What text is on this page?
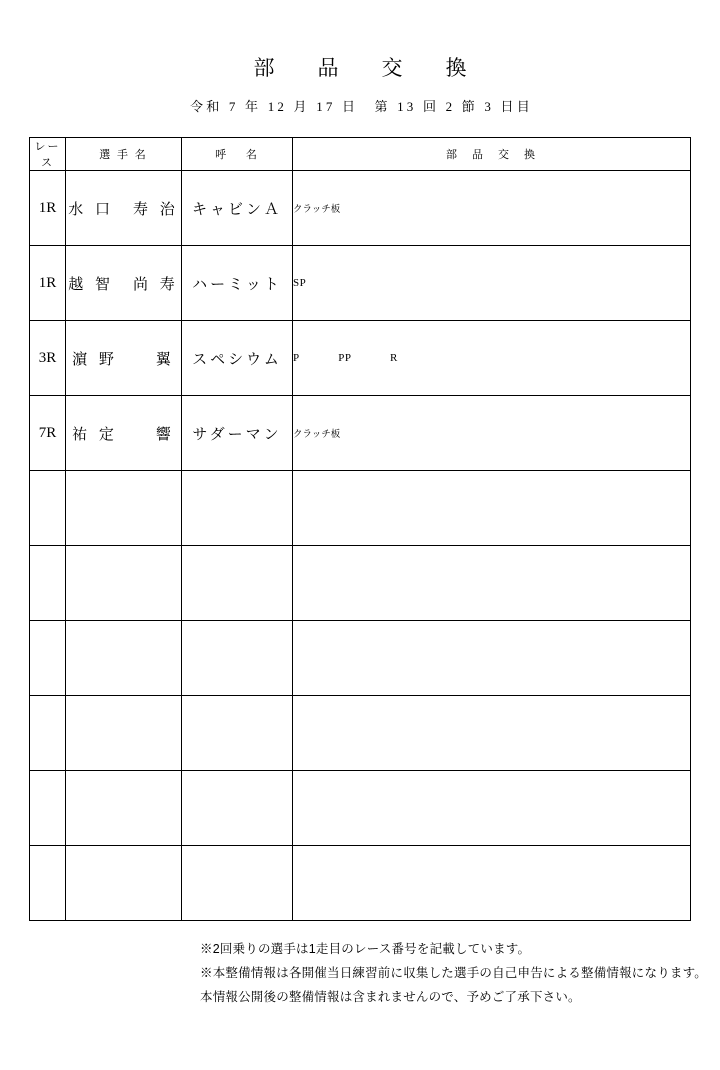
部　品　交　換
令和 7 年 12 月 17 日　第 13 回 2 節 3 日目
レース	選 手 名	呼　 名	部　品　交　換
1R	水 口　寿 治	キャビンＡ	クラッチ板

1R	越 智　尚 寿	ハーミット	SP

3R	濵 野　　翼	スペシウム	P            PP            R

7R	祐 定　　響	サダーマン	クラッチ板

※2回乗りの選手は1走目のレース番号を記載しています。
※本整備情報は各開催当日練習前に収集した選手の自己申告による整備情報になります。
本情報公開後の整備情報は含まれませんので、予めご了承下さい。
